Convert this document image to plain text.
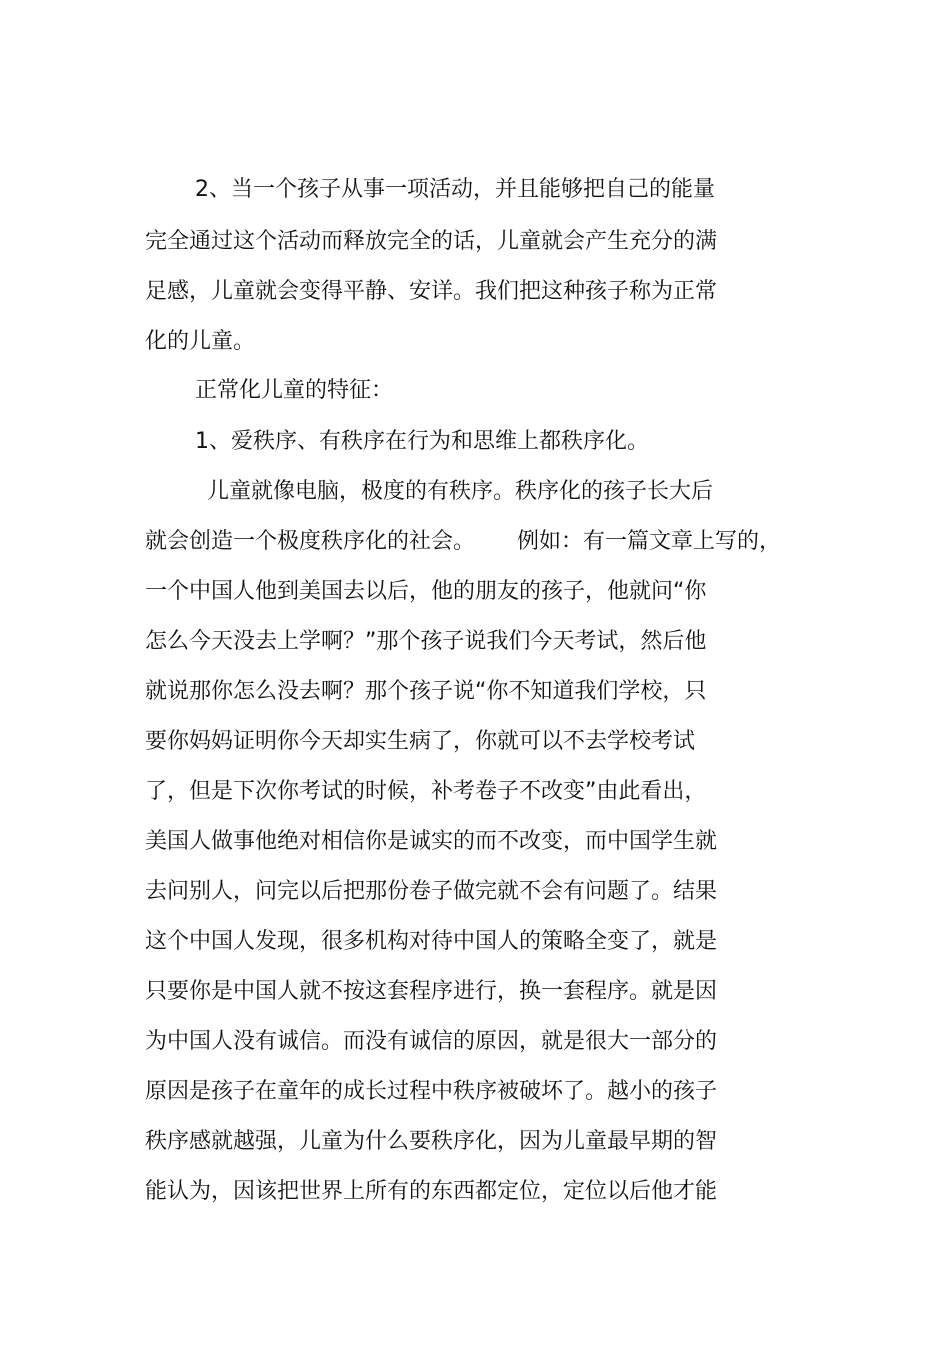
2、当一个孩子从事一项活动，并且能够把自己的能量
完全通过这个活动而释放完全的话，儿童就会产生充分的满
足感，儿童就会变得平静、安详。我们把这种孩子称为正常
化的儿童。
正常化儿童的特征：
1、爱秩序、有秩序在行为和思维上都秩序化。
儿童就像电脑，极度的有秩序。秩序化的孩子长大后
就会创造一个极度秩序化的社会。      例如：有一篇文章上写的，
一个中国人他到美国去以后，他的朋友的孩子，他就问“你
怎么今天没去上学啊？”那个孩子说我们今天考试，然后他
就说那你怎么没去啊？那个孩子说“你不知道我们学校，只
要你妈妈证明你今天却实生病了，你就可以不去学校考试
了，但是下次你考试的时候，补考卷子不改变”由此看出，
美国人做事他绝对相信你是诚实的而不改变，而中国学生就
去问别人，问完以后把那份卷子做完就不会有问题了。结果
这个中国人发现，很多机构对待中国人的策略全变了，就是
只要你是中国人就不按这套程序进行，换一套程序。就是因
为中国人没有诚信。而没有诚信的原因，就是很大一部分的
原因是孩子在童年的成长过程中秩序被破坏了。越小的孩子
秩序感就越强，儿童为什么要秩序化，因为儿童最早期的智
能认为，因该把世界上所有的东西都定位，定位以后他才能
